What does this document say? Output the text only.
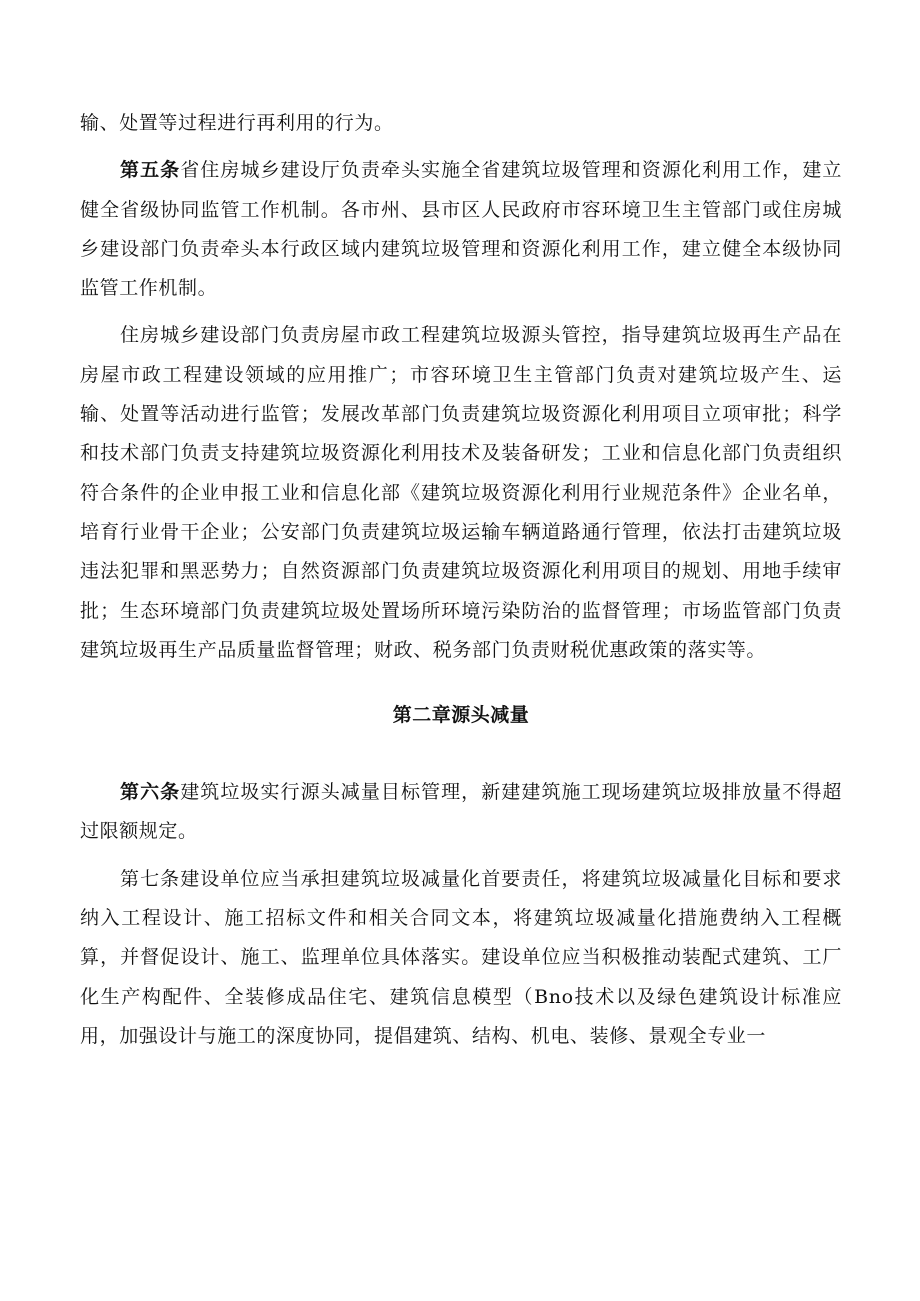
输、处置等过程进行再利用的行为。

第五条省住房城乡建设厅负责牵头实施全省建筑垃圾管理和资源化利用工作，建立健全省级协同监管工作机制。各市州、县市区人民政府市容环境卫生主管部门或住房城乡建设部门负责牵头本行政区域内建筑垃圾管理和资源化利用工作，建立健全本级协同监管工作机制。

住房城乡建设部门负责房屋市政工程建筑垃圾源头管控，指导建筑垃圾再生产品在房屋市政工程建设领域的应用推广；市容环境卫生主管部门负责对建筑垃圾产生、运输、处置等活动进行监管；发展改革部门负责建筑垃圾资源化利用项目立项审批；科学和技术部门负责支持建筑垃圾资源化利用技术及装备研发；工业和信息化部门负责组织符合条件的企业申报工业和信息化部《建筑垃圾资源化利用行业规范条件》企业名单，培育行业骨干企业；公安部门负责建筑垃圾运输车辆道路通行管理，依法打击建筑垃圾违法犯罪和黑恶势力；自然资源部门负责建筑垃圾资源化利用项目的规划、用地手续审批；生态环境部门负责建筑垃圾处置场所环境污染防治的监督管理；市场监管部门负责建筑垃圾再生产品质量监督管理；财政、税务部门负责财税优惠政策的落实等。

第二章源头减量

第六条建筑垃圾实行源头减量目标管理，新建建筑施工现场建筑垃圾排放量不得超过限额规定。

第七条建设单位应当承担建筑垃圾减量化首要责任，将建筑垃圾减量化目标和要求纳入工程设计、施工招标文件和相关合同文本，将建筑垃圾减量化措施费纳入工程概算，并督促设计、施工、监理单位具体落实。建设单位应当积极推动装配式建筑、工厂化生产构配件、全装修成品住宅、建筑信息模型（Bno技术以及绿色建筑设计标准应用，加强设计与施工的深度协同，提倡建筑、结构、机电、装修、景观全专业一
